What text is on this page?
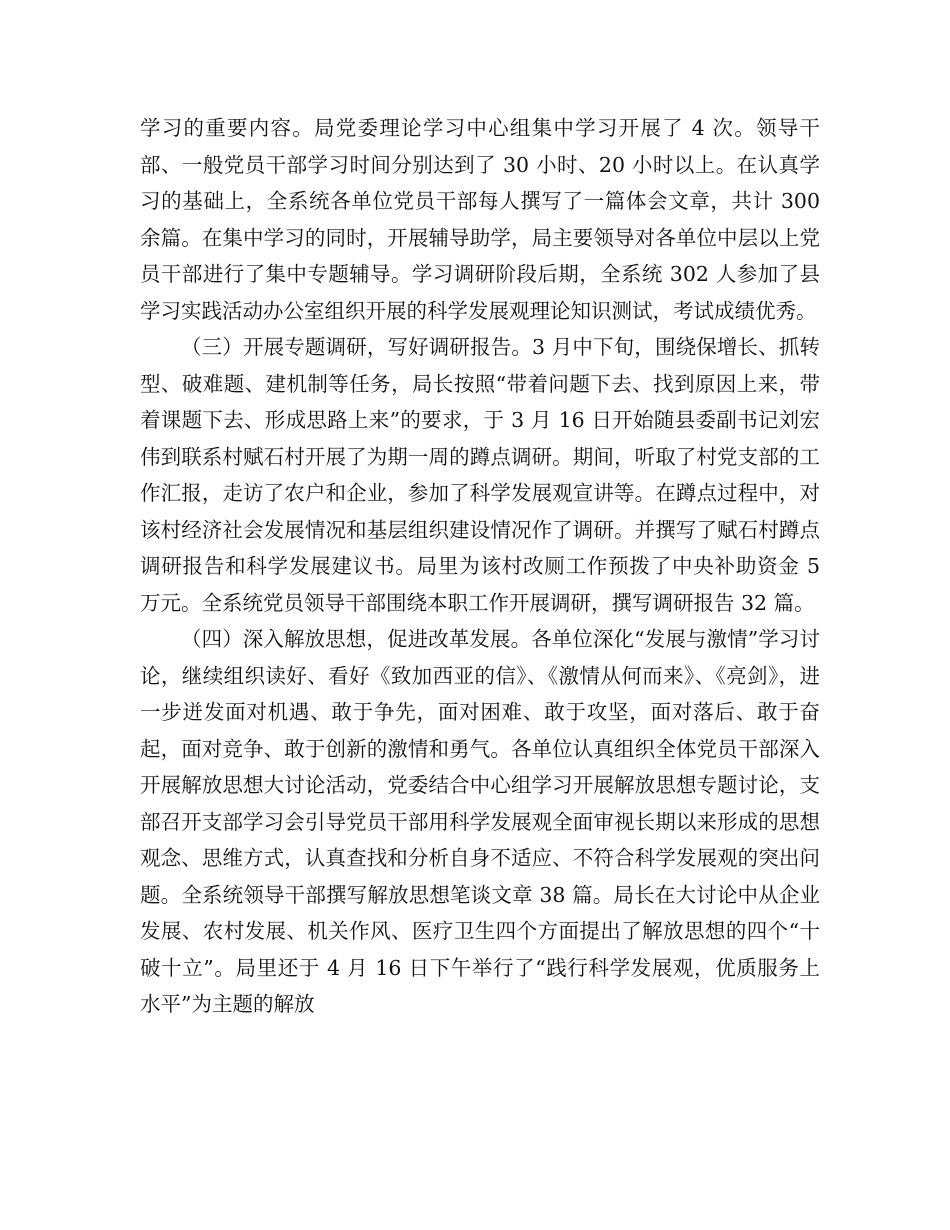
学习的重要内容。局党委理论学习中心组集中学习开展了 4 次。领导干部、一般党员干部学习时间分别达到了 30 小时、20 小时以上。在认真学习的基础上，全系统各单位党员干部每人撰写了一篇体会文章，共计 300 余篇。在集中学习的同时，开展辅导助学，局主要领导对各单位中层以上党员干部进行了集中专题辅导。学习调研阶段后期，全系统 302 人参加了县学习实践活动办公室组织开展的科学发展观理论知识测试，考试成绩优秀。

（三）开展专题调研，写好调研报告。3 月中下旬，围绕保增长、抓转型、破难题、建机制等任务，局长按照“带着问题下去、找到原因上来，带着课题下去、形成思路上来”的要求，于 3 月 16 日开始随县委副书记刘宏伟到联系村赋石村开展了为期一周的蹲点调研。期间，听取了村党支部的工作汇报，走访了农户和企业，参加了科学发展观宣讲等。在蹲点过程中，对该村经济社会发展情况和基层组织建设情况作了调研。并撰写了赋石村蹲点调研报告和科学发展建议书。局里为该村改厕工作预拨了中央补助资金 5 万元。全系统党员领导干部围绕本职工作开展调研，撰写调研报告 32 篇。

（四）深入解放思想，促进改革发展。各单位深化“发展与激情”学习讨论，继续组织读好、看好《致加西亚的信》、《激情从何而来》、《亮剑》，进一步迸发面对机遇、敢于争先，面对困难、敢于攻坚，面对落后、敢于奋起，面对竞争、敢于创新的激情和勇气。各单位认真组织全体党员干部深入开展解放思想大讨论活动，党委结合中心组学习开展解放思想专题讨论，支部召开支部学习会引导党员干部用科学发展观全面审视长期以来形成的思想观念、思维方式，认真查找和分析自身不适应、不符合科学发展观的突出问题。全系统领导干部撰写解放思想笔谈文章 38 篇。局长在大讨论中从企业发展、农村发展、机关作风、医疗卫生四个方面提出了解放思想的四个“十破十立”。局里还于 4 月 16 日下午举行了“践行科学发展观，优质服务上水平”为主题的解放
